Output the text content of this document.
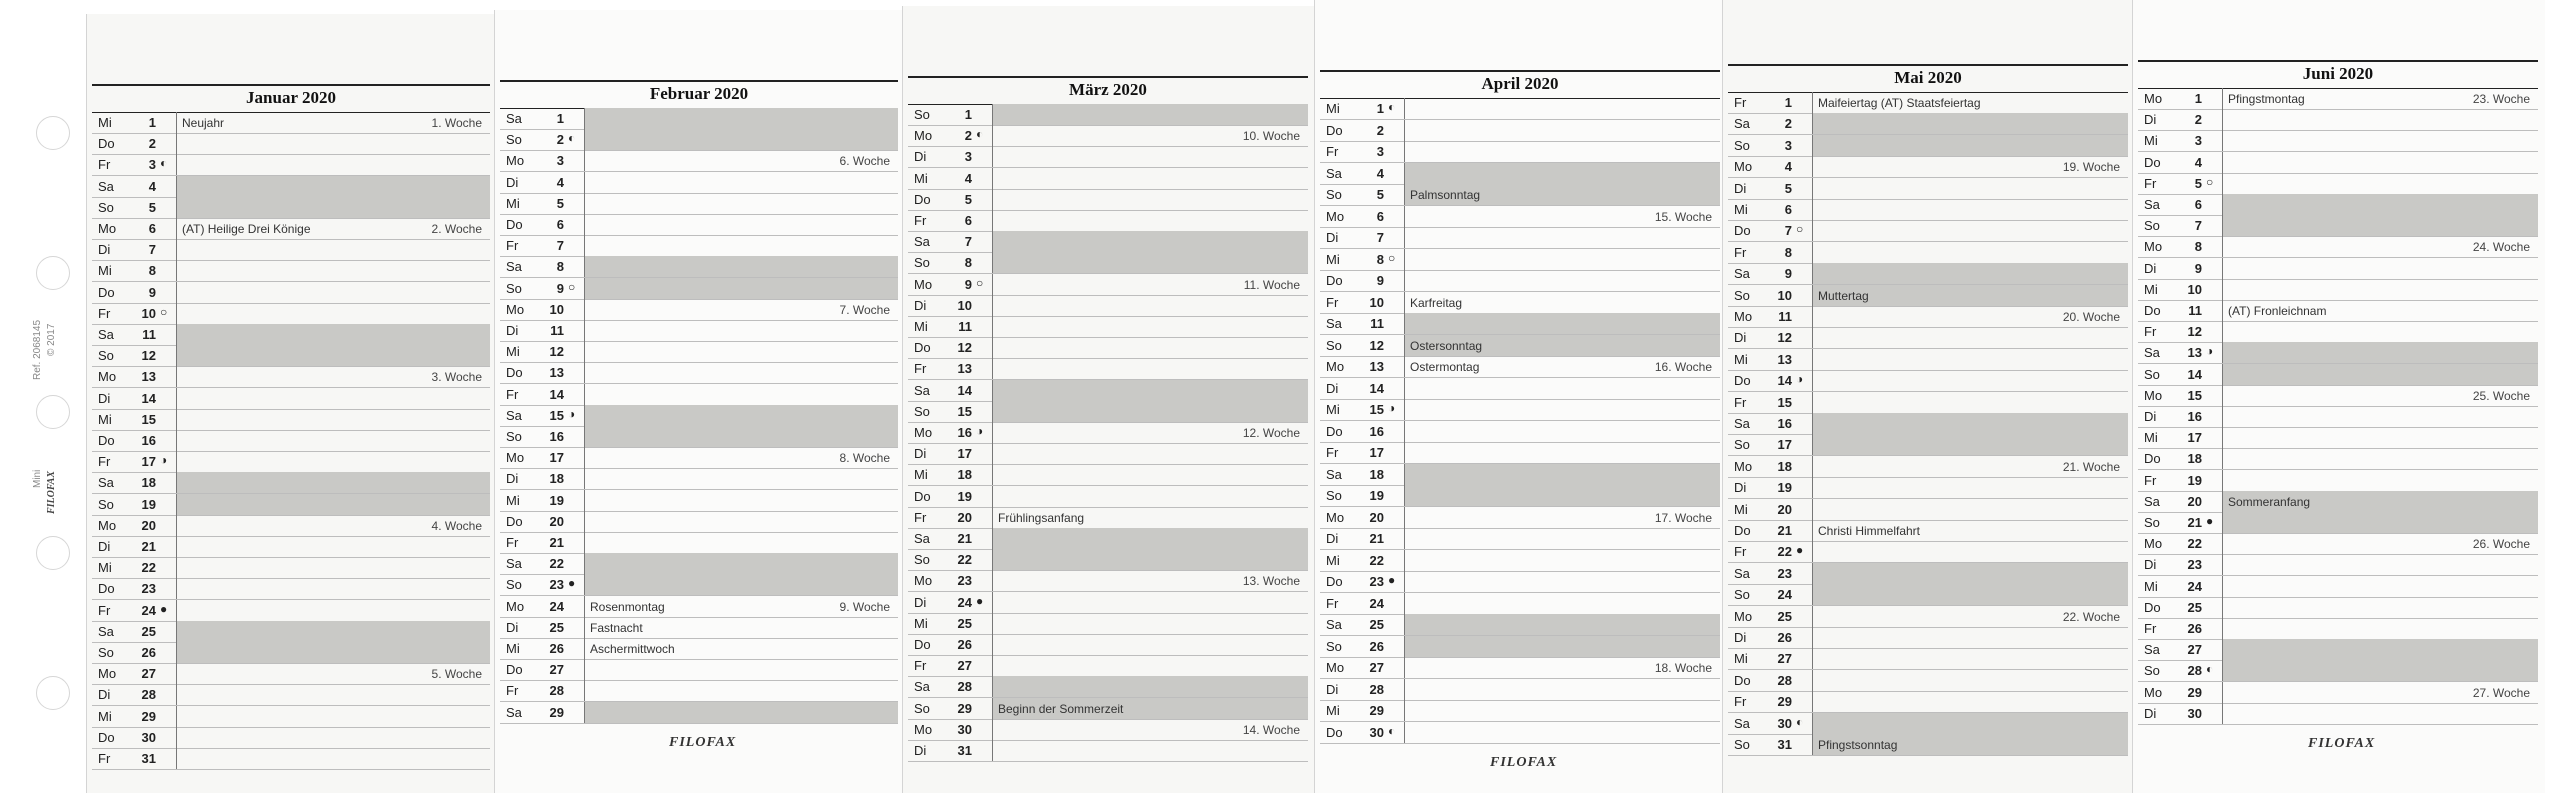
Ref. 2068145 © 2017
Mini FILOFAX
Januar 2020
Mi	1 Neujahr	1. Woche
Do	2
Fr	3 ◐
Sa	4
So	5
Mo	6 (AT) Heilige Drei Könige	2. Woche
Di	7
Mi	8
Do	9
Fr	10 ○
Sa	11
So	12
Mo	13	3. Woche
Di	14
Mi	15
Do	16
Fr	17 ◑
Sa	18
So	19
Mo	20	4. Woche
Di	21
Mi	22
Do	23
Fr	24 ●
Sa	25
So	26
Mo	27	5. Woche
Di	28
Mi	29
Do	30
Fr	31
Februar 2020
Sa	1
So	2 ◐
Mo	3	6. Woche
Di	4
Mi	5
Do	6
Fr	7
Sa	8
So	9 ○
Mo	10	7. Woche
Di	11
Mi	12
Do	13
Fr	14
Sa	15 ◑
So	16
Mo	17	8. Woche
Di	18
Mi	19
Do	20
Fr	21
Sa	22
So	23 ●
Mo	24 Rosenmontag	9. Woche
Di	25 Fastnacht
Mi	26 Aschermittwoch
Do	27
Fr	28
Sa	29
FILOFAX
März 2020
So	1
Mo	2 ◐	10. Woche
Di	3
Mi	4
Do	5
Fr	6
Sa	7
So	8
Mo	9 ○	11. Woche
Di	10
Mi	11
Do	12
Fr	13
Sa	14
So	15
Mo	16 ◑	12. Woche
Di	17
Mi	18
Do	19
Fr	20 Frühlingsanfang
Sa	21
So	22
Mo	23	13. Woche
Di	24 ●
Mi	25
Do	26
Fr	27
Sa	28
So	29 Beginn der Sommerzeit
Mo	30	14. Woche
Di	31
April 2020
Mi	1 ◐
Do	2
Fr	3
Sa	4
So	5 Palmsonntag
Mo	6	15. Woche
Di	7
Mi	8 ○
Do	9
Fr	10 Karfreitag
Sa	11
So	12 Ostersonntag
Mo	13 Ostermontag	16. Woche
Di	14
Mi	15 ◑
Do	16
Fr	17
Sa	18
So	19
Mo	20	17. Woche
Di	21
Mi	22
Do	23 ●
Fr	24
Sa	25
So	26
Mo	27	18. Woche
Di	28
Mi	29
Do	30 ◐
FILOFAX
Mai 2020
Fr	1 Maifeiertag (AT) Staatsfeiertag
Sa	2
So	3
Mo	4	19. Woche
Di	5
Mi	6
Do	7 ○
Fr	8
Sa	9
So	10 Muttertag
Mo	11	20. Woche
Di	12
Mi	13
Do	14 ◑
Fr	15
Sa	16
So	17
Mo	18	21. Woche
Di	19
Mi	20
Do	21 Christi Himmelfahrt
Fr	22 ●
Sa	23
So	24
Mo	25	22. Woche
Di	26
Mi	27
Do	28
Fr	29
Sa	30 ◐
So	31 Pfingstsonntag
Juni 2020
Mo	1 Pfingstmontag	23. Woche
Di	2
Mi	3
Do	4
Fr	5 ○
Sa	6
So	7
Mo	8	24. Woche
Di	9
Mi	10
Do	11 (AT) Fronleichnam
Fr	12
Sa	13 ◑
So	14
Mo	15	25. Woche
Di	16
Mi	17
Do	18
Fr	19
Sa	20 Sommeranfang
So	21 ●
Mo	22	26. Woche
Di	23
Mi	24
Do	25
Fr	26
Sa	27
So	28 ◐
Mo	29	27. Woche
Di	30
FILOFAX
